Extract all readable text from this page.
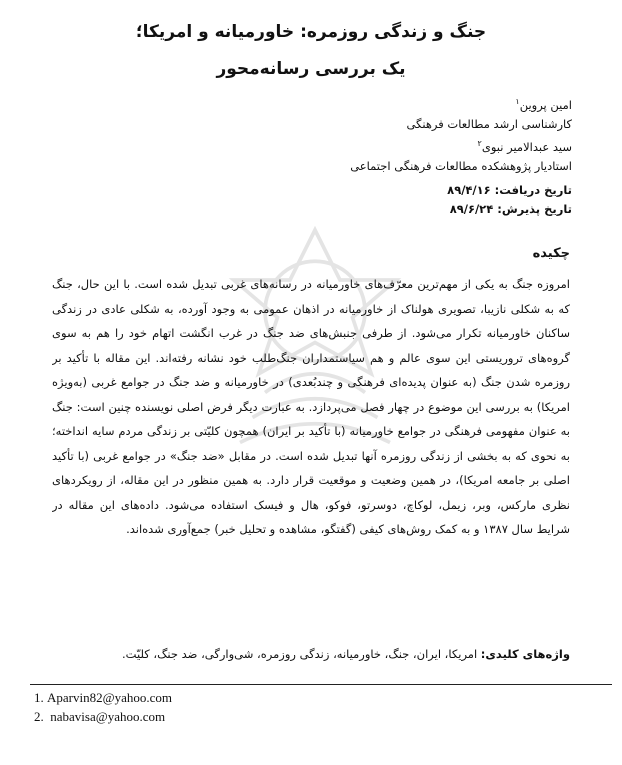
جنگ و زندگی روزمره: خاورمیانه و امریکا؛
یک بررسی رسانه‌محور
امین پروین$^۱$
کارشناسی ارشد مطالعات فرهنگی
سید عبدالامیر نبوی$^۲$
استادیار پژوهشکده مطالعات فرهنگی اجتماعی
تاریخ دریافت:۸۹/۴/۱۶
تاریخ پذیرش:۸۹/۶/۲۴
چکیده
امروزه جنگ به یکی از مهم‌ترین معرّف‌های خاورمیانه در رسانه‌های غربی تبدیل شده است. با این حال، جنگ که به شکلی نازیبا، تصویری هولناک از خاورمیانه در اذهان عمومی به وجود آورده، به شکلی عادی در زندگی ساکنان خاورمیانه تکرار می‌شود. از طرفی جنبش‌های ضد جنگ در غرب انگشت اتهام خود را هم به سوی گروه‌های تروریستی این سوی عالم و هم سیاستمداران جنگ‌طلب خود نشانه رفته‌اند. این مقاله با تأکید بر روزمره شدن جنگ (به عنوان پدیده‌ای فرهنگی و چندبُعدی) در خاورمیانه و ضد جنگ در جوامع غربی (به‌ویژه امریکا) به بررسی این موضوع در چهار فصل می‌پردازد. به عبارت دیگر فرض اصلی نویسنده چنین است: جنگ به عنوان مفهومی فرهنگی در جوامع خاورمیانه (با تأکید بر ایران) همچون کلیّتی بر زندگی مردم سایه انداخته؛ به نحوی که به بخشی از زندگی روزمره آنها تبدیل شده است. در مقابل «ضد جنگ» در جوامع غربی (با تأکید اصلی بر جامعه امریکا)، در همین وضعیت و موقعیت قرار دارد. به همین منظور در این مقاله، از رویکردهای نظری مارکس، وبر، زیمل، لوکاچ، دوسرتو، فوکو، هال و فیسک استفاده می‌شود. داده‌های این مقاله در شرایط سال ۱۳۸۷ و به کمک روش‌های کیفی (گفتگو، مشاهده و تحلیل خبر) جمع‌آوری شده‌اند.
واژه‌های کلیدی: امریکا، ایران، جنگ، خاورمیانه، زندگی روزمره، شی‌وارگی، ضد جنگ، کلیّت.
1. Aparvin82@yahoo.com
2. nabavisa@yahoo.com
